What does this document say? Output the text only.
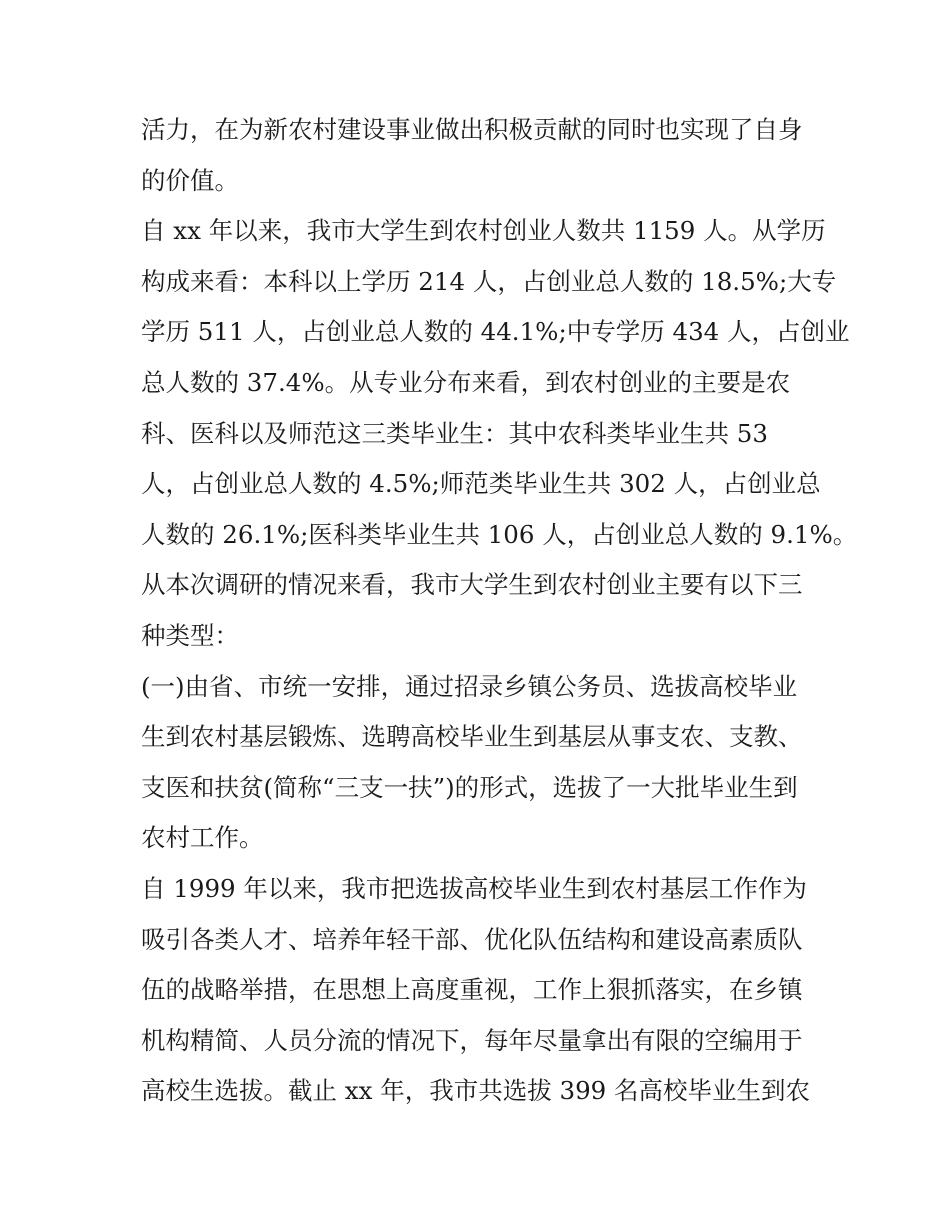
活力，在为新农村建设事业做出积极贡献的同时也实现了自身
的价值。
自 xx 年以来，我市大学生到农村创业人数共 1159 人。从学历
构成来看：本科以上学历 214 人，占创业总人数的 18.5%;大专
学历 511 人，占创业总人数的 44.1%;中专学历 434 人，占创业
总人数的 37.4%。从专业分布来看，到农村创业的主要是农
科、医科以及师范这三类毕业生：其中农科类毕业生共 53
人，占创业总人数的 4.5%;师范类毕业生共 302 人，占创业总
人数的 26.1%;医科类毕业生共 106 人，占创业总人数的 9.1%。
从本次调研的情况来看，我市大学生到农村创业主要有以下三
种类型：
(一)由省、市统一安排，通过招录乡镇公务员、选拔高校毕业
生到农村基层锻炼、选聘高校毕业生到基层从事支农、支教、
支医和扶贫(简称“三支一扶”)的形式，选拔了一大批毕业生到
农村工作。
自 1999 年以来，我市把选拔高校毕业生到农村基层工作作为
吸引各类人才、培养年轻干部、优化队伍结构和建设高素质队
伍的战略举措，在思想上高度重视，工作上狠抓落实，在乡镇
机构精简、人员分流的情况下，每年尽量拿出有限的空编用于
高校生选拔。截止 xx 年，我市共选拔 399 名高校毕业生到农
